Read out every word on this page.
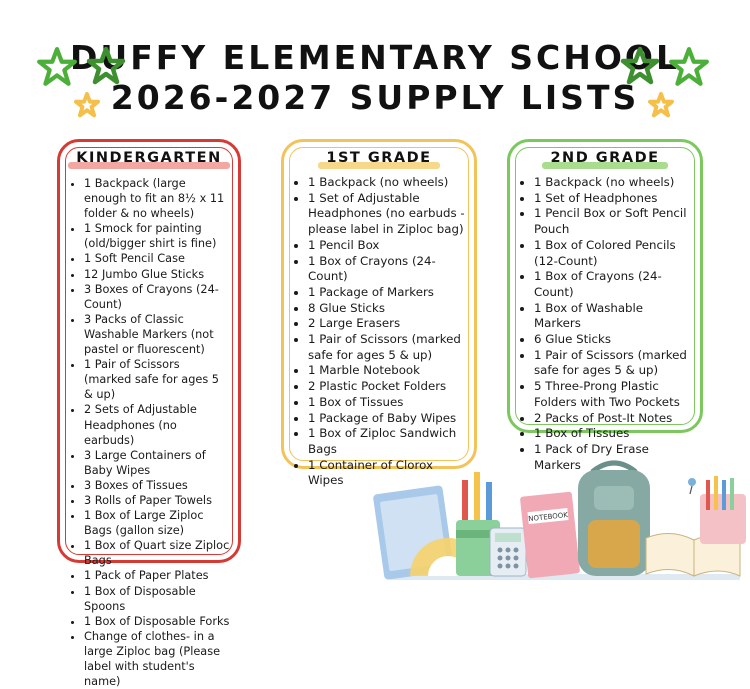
DUFFY ELEMENTARY SCHOOL
2026-2027 SUPPLY LISTS
KINDERGARTEN
• 1 Backpack (large enough to fit an 8½ x 11 folder & no wheels)
• 1 Smock for painting (old/bigger shirt is fine)
• 1 Soft Pencil Case
• 12 Jumbo Glue Sticks
• 3 Boxes of Crayons (24-Count)
• 3 Packs of Classic Washable Markers (not pastel or fluorescent)
• 1 Pair of Scissors (marked safe for ages 5 & up)
• 2 Sets of Adjustable Headphones (no earbuds)
• 3 Large Containers of Baby Wipes
• 3 Boxes of Tissues
• 3 Rolls of Paper Towels
• 1 Box of Large Ziploc Bags (gallon size)
• 1 Box of Quart size Ziploc Bags
• 1 Pack of Paper Plates
• 1 Box of Disposable Spoons
• 1 Box of Disposable Forks
• Change of clothes- in a large Ziploc bag (Please label with student's name)
1ST GRADE
• 1 Backpack (no wheels)
• 1 Set of Adjustable Headphones (no earbuds - please label in Ziploc bag)
• 1 Pencil Box
• 1 Box of Crayons (24-Count)
• 1 Package of Markers
• 8 Glue Sticks
• 2 Large Erasers
• 1 Pair of Scissors (marked safe for ages 5 & up)
• 1 Marble Notebook
• 2 Plastic Pocket Folders
• 1 Box of Tissues
• 1 Package of Baby Wipes
• 1 Box of Ziploc Sandwich Bags
• 1 Container of Clorox Wipes
2ND GRADE
• 1 Backpack (no wheels)
• 1 Set of Headphones
• 1 Pencil Box or Soft Pencil Pouch
• 1 Box of Colored Pencils (12-Count)
• 1 Box of Crayons (24-Count)
• 1 Box of Washable Markers
• 6 Glue Sticks
• 1 Pair of Scissors (marked safe for ages 5 & up)
• 5 Three-Prong Plastic Folders with Two Pockets
• 2 Packs of Post-It Notes
• 1 Box of Tissues
• 1 Pack of Dry Erase Markers
NOTEBOOK
